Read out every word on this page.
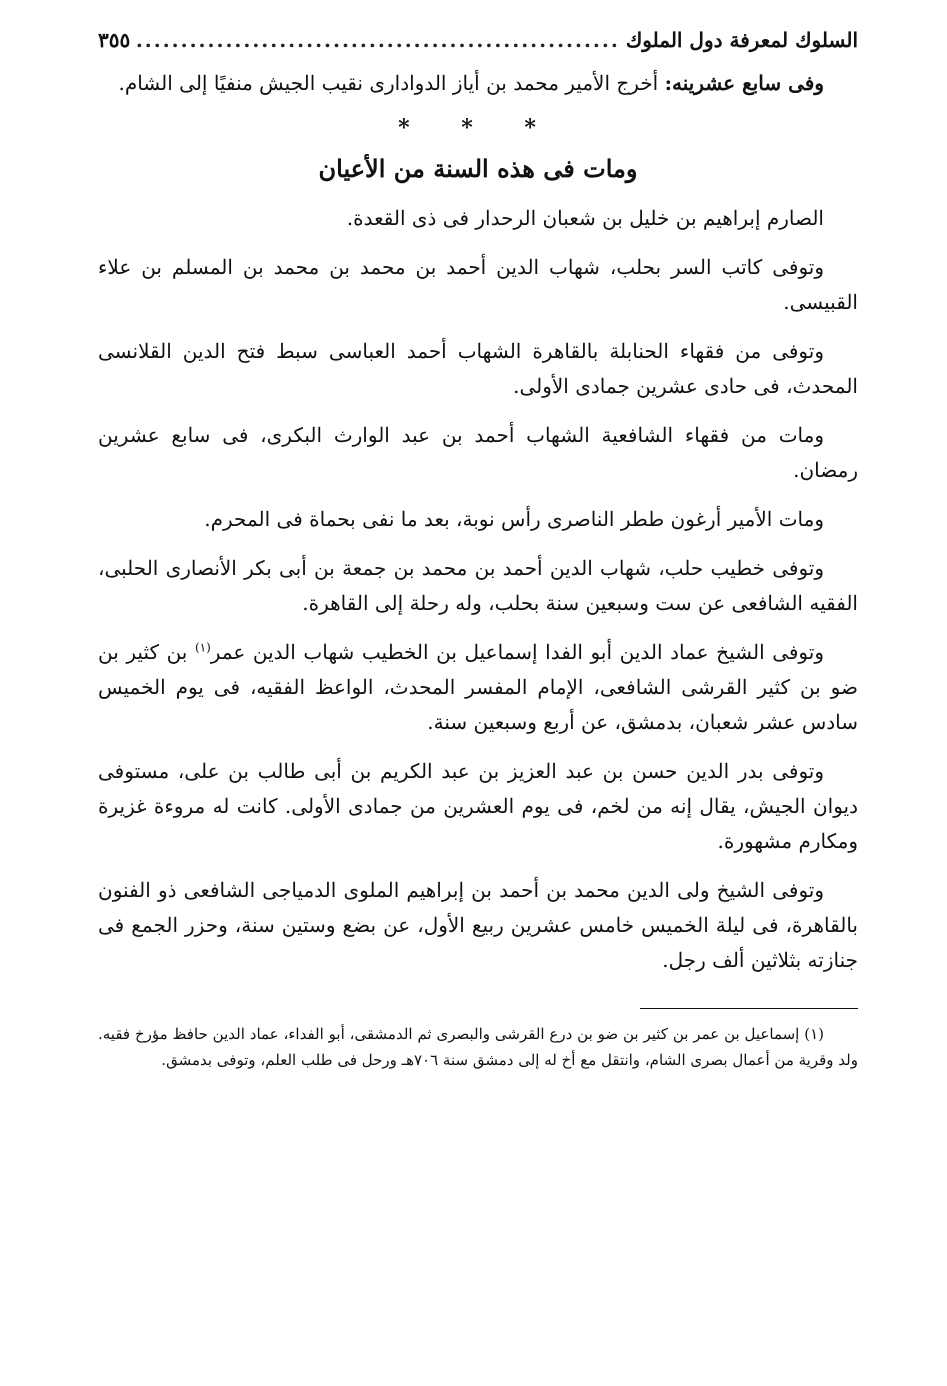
السلوك لمعرفة دول الملوك
.....
٣٥٥

وفى سابع عشرينه: أخرج الأمير محمد بن أياز الدوادارى نقيب الجيش منفيًا إلى الشام.

* * *
ومات فى هذه السنة من الأعيان

الصارم إبراهيم بن خليل بن شعبان الرحدار فى ذى القعدة.

وتوفى كاتب السر بحلب، شهاب الدين أحمد بن محمد بن محمد بن المسلم بن علاء القبيسى.

وتوفى من فقهاء الحنابلة بالقاهرة الشهاب أحمد العباسى سبط فتح الدين القلانسى المحدث، فى حادى عشرين جمادى الأولى.

ومات من فقهاء الشافعية الشهاب أحمد بن عبد الوارث البكرى، فى سابع عشرين رمضان.

ومات الأمير أرغون ططر الناصرى رأس نوبة، بعد ما نفى بحماة فى المحرم.

وتوفى خطيب حلب، شهاب الدين أحمد بن محمد بن جمعة بن أبى بكر الأنصارى الحلبى، الفقيه الشافعى عن ست وسبعين سنة بحلب، وله رحلة إلى القاهرة.

وتوفى الشيخ عماد الدين أبو الفدا إسماعيل بن الخطيب شهاب الدين عمر$^{(١)}$ بن كثير بن ضو بن كثير القرشى الشافعى، الإمام المفسر المحدث، الواعظ الفقيه، فى يوم الخميس سادس عشر شعبان، بدمشق، عن أربع وسبعين سنة.

وتوفى بدر الدين حسن بن عبد العزيز بن عبد الكريم بن أبى طالب بن على، مستوفى ديوان الجيش، يقال إنه من لخم، فى يوم العشرين من جمادى الأولى. كانت له مروءة غزيرة ومكارم مشهورة.

وتوفى الشيخ ولى الدين محمد بن أحمد بن إبراهيم الملوى الدمياجى الشافعى ذو الفنون بالقاهرة، فى ليلة الخميس خامس عشرين ربيع الأول، عن بضع وستين سنة، وحزر الجمع فى جنازته بثلاثين ألف رجل.

(١) إسماعيل بن عمر بن كثير بن ضو بن درع القرشى والبصرى ثم الدمشقى، أبو الفداء، عماد الدين حافظ مؤرخ فقيه. ولد وقرية من أعمال بصرى الشام، وانتقل مع أخ له إلى دمشق سنة ٧٠٦هـ ورحل فى طلب العلم، وتوفى بدمشق.
